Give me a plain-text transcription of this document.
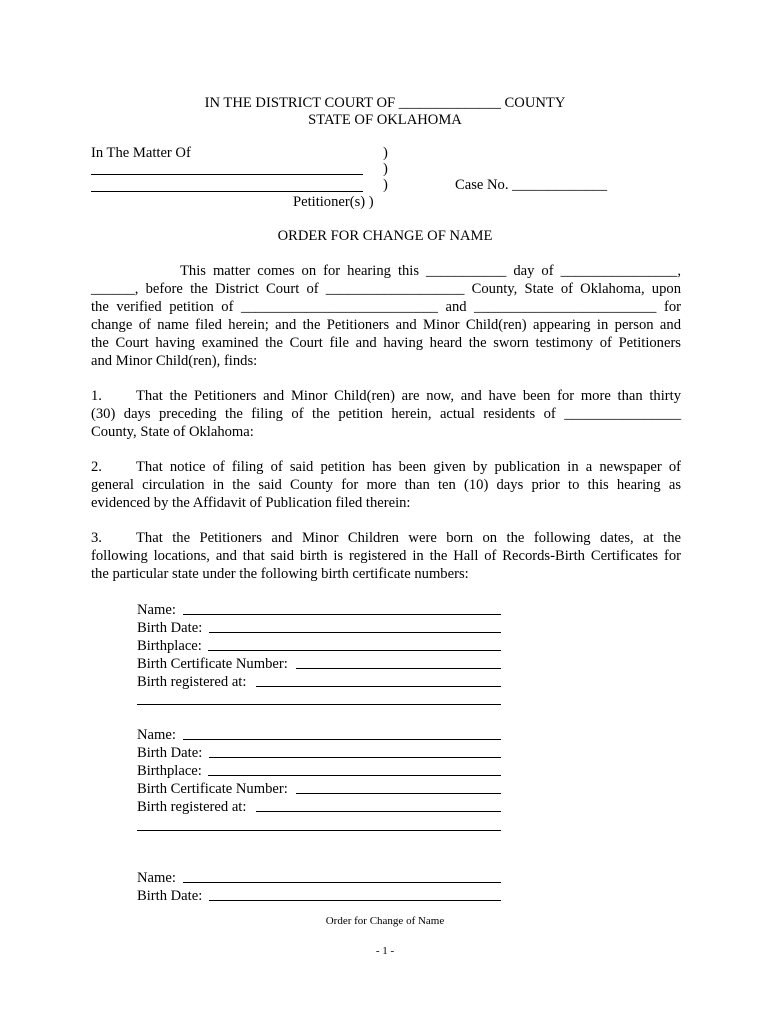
IN THE DISTRICT COURT OF ______________ COUNTY
STATE OF OKLAHOMA
In The Matter Of	)
)
)	Case No. _____________
Petitioner(s) )
ORDER FOR CHANGE OF NAME
This matter comes on for hearing this ___________ day of ________________,
______, before the District Court of ___________________ County, State of Oklahoma, upon
the verified petition of ___________________________ and _________________________ for
change of name filed herein; and the Petitioners and Minor Child(ren) appearing in person and
the Court having examined the Court file and having heard the sworn testimony of Petitioners
and Minor Child(ren), finds:
1. That the Petitioners and Minor Child(ren) are now, and have been for more than thirty
(30) days preceding the filing of the petition herein, actual residents of ________________
County, State of Oklahoma:
2. That notice of filing of said petition has been given by publication in a newspaper of
general circulation in the said County for more than ten (10) days prior to this hearing as
evidenced by the Affidavit of Publication filed therein:
3. That the Petitioners and Minor Children were born on the following dates, at the
following locations, and that said birth is registered in the Hall of Records-Birth Certificates for
the particular state under the following birth certificate numbers:
Name:
Birth Date:
Birthplace:
Birth Certificate Number:
Birth registered at:
Name:
Birth Date:
Birthplace:
Birth Certificate Number:
Birth registered at:
Name:
Birth Date:
Order for Change of Name
- 1 -
